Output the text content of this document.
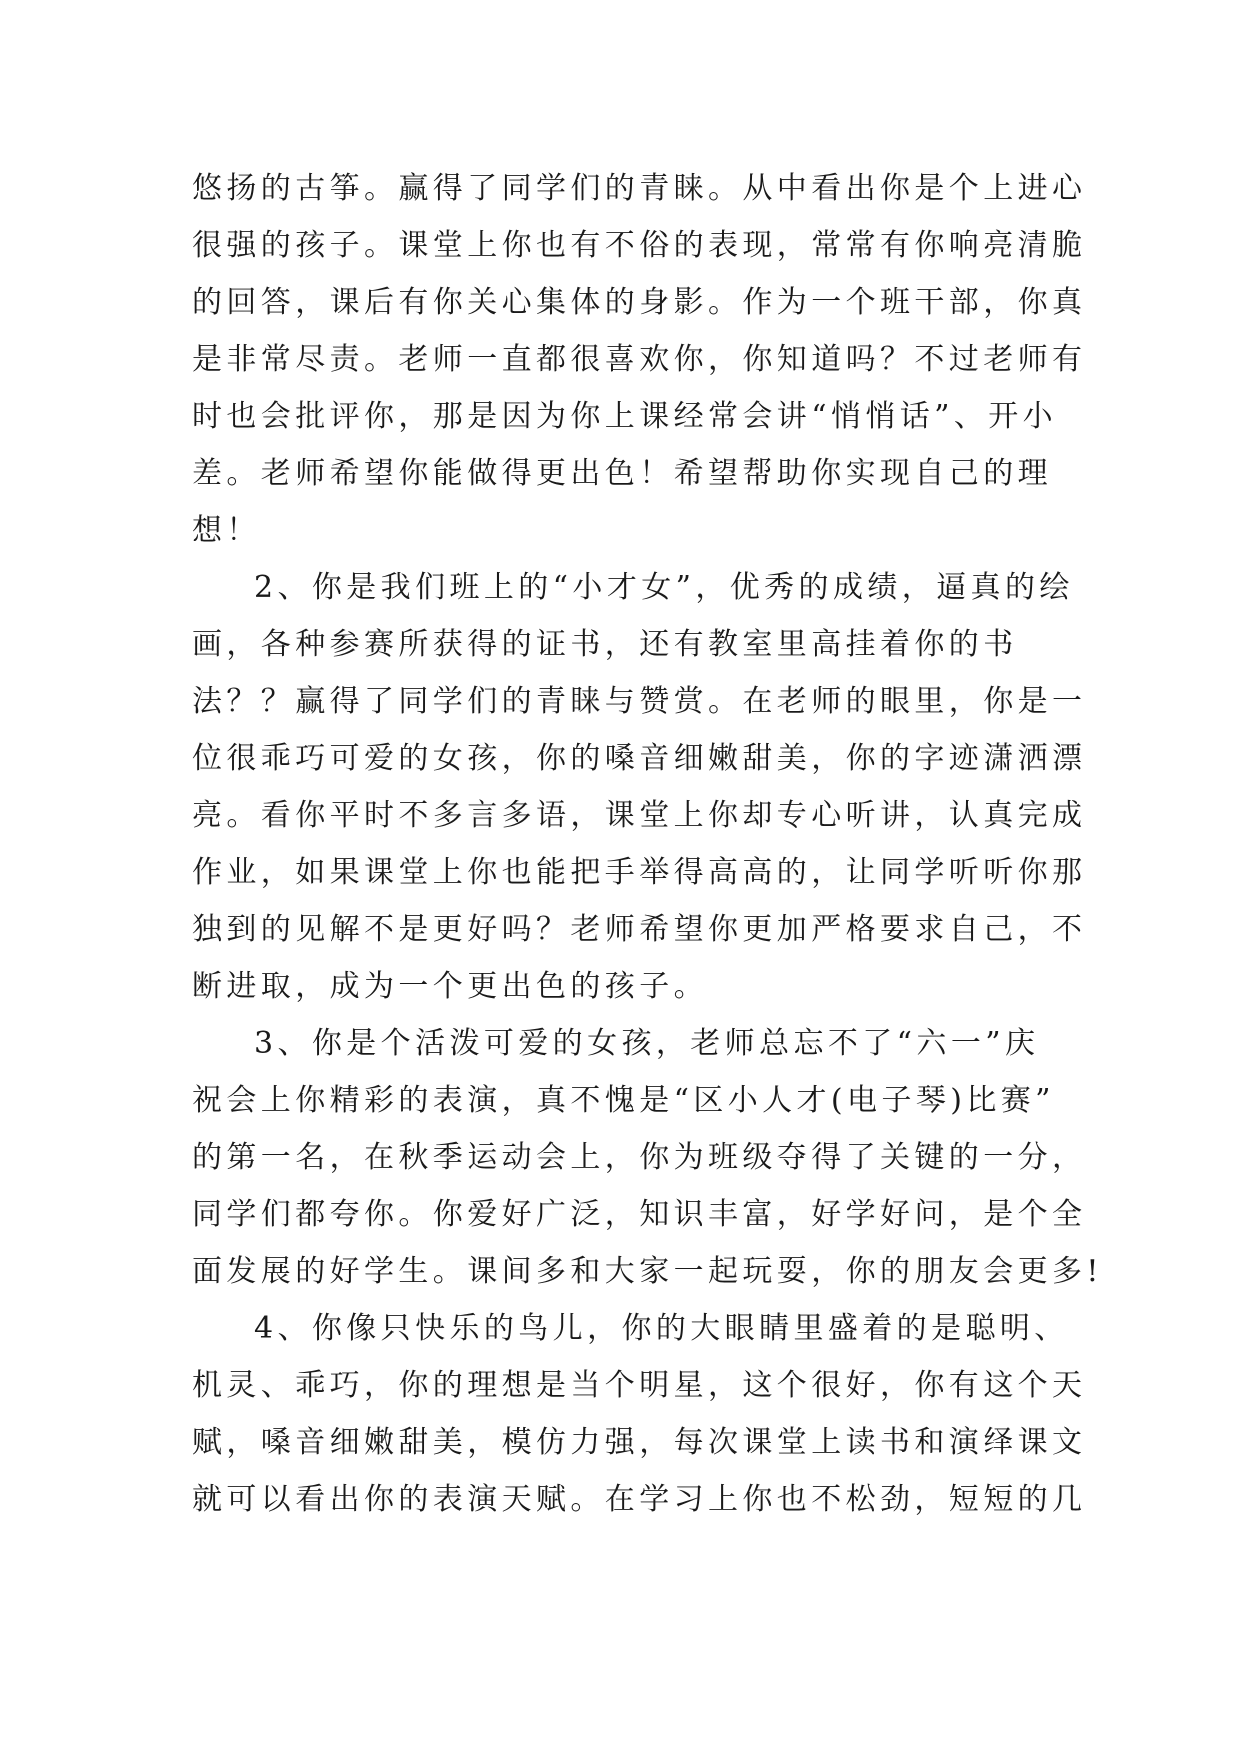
悠扬的古筝。赢得了同学们的青睐。从中看出你是个上进心
很强的孩子。课堂上你也有不俗的表现，常常有你响亮清脆
的回答，课后有你关心集体的身影。作为一个班干部，你真
是非常尽责。老师一直都很喜欢你，你知道吗？不过老师有
时也会批评你，那是因为你上课经常会讲“悄悄话”、开小
差。老师希望你能做得更出色！希望帮助你实现自己的理
想！
2、你是我们班上的“小才女”，优秀的成绩，逼真的绘
画，各种参赛所获得的证书，还有教室里高挂着你的书
法？？赢得了同学们的青睐与赞赏。在老师的眼里，你是一
位很乖巧可爱的女孩，你的嗓音细嫩甜美，你的字迹潇洒漂
亮。看你平时不多言多语，课堂上你却专心听讲，认真完成
作业，如果课堂上你也能把手举得高高的，让同学听听你那
独到的见解不是更好吗？老师希望你更加严格要求自己，不
断进取，成为一个更出色的孩子。
3、你是个活泼可爱的女孩，老师总忘不了“六一”庆
祝会上你精彩的表演，真不愧是“区小人才(电子琴)比赛”
的第一名，在秋季运动会上，你为班级夺得了关键的一分，
同学们都夸你。你爱好广泛，知识丰富，好学好问，是个全
面发展的好学生。课间多和大家一起玩耍，你的朋友会更多!
4、你像只快乐的鸟儿，你的大眼睛里盛着的是聪明、
机灵、乖巧，你的理想是当个明星，这个很好，你有这个天
赋，嗓音细嫩甜美，模仿力强，每次课堂上读书和演绎课文
就可以看出你的表演天赋。在学习上你也不松劲，短短的几
